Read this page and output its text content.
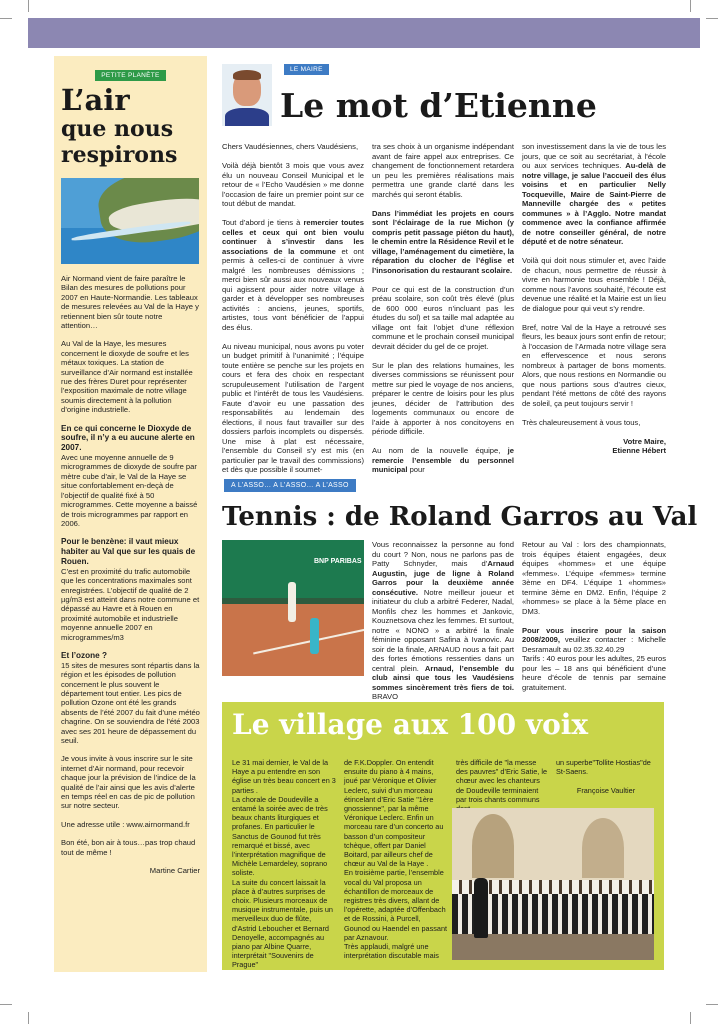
PETITE PLANÈTE
L’air
que nous
respirons

Air Normand vient de faire paraître le Bilan des mesures de pollutions pour 2007 en Haute-Normandie. Les tableaux de mesures relevées au Val de la Haye y retiennent bien sûr toute notre attention…

Au Val de la Haye, les mesures concernent le dioxyde de soufre et les métaux toxiques. La station de surveillance d’Air normand est installée rue des frères Duret pour représenter l’exposition maximale de notre village soumis directement à la pollution d’origine industrielle.

En ce qui concerne le Dioxyde de soufre, il n’y a eu aucune alerte en 2007.

Avec une moyenne annuelle de 9 microgrammes de dioxyde de soufre par mètre cube d’air, le Val de la Haye se situe confortablement en-deçà de l’objectif de qualité fixé à 50 microgrammes. Cette moyenne a baissé de trois microgrammes par rapport en 2006.

Pour le benzène: il vaut mieux habiter au Val que sur les quais de Rouen.

C’est en proximité du trafic automobile que les concentrations maximales sont enregistrées. L’objectif de qualité de 2 µg/m3 est atteint dans notre commune et dépassé au Havre et à Rouen en proximité automobile et industrielle moyenne annuelle 2007 en microgrammes/m3

Et l’ozone ?

15 sites de mesures sont répartis dans la région et les épisodes de pollution concernent le plus souvent le département tout entier. Les pics de pollution Ozone ont été les grands absents de l’été 2007 du fait d’une météo chagrine. On se souviendra de l’été 2003 avec ses 201 heure de dépassement du seuil.

Je vous invite à vous inscrire sur le site internet d’Air normand, pour recevoir chaque jour la prévision de l’indice de la qualité de l’air ainsi que les avis d’alerte en temps réel en cas de pic de pollution sur notre secteur.

Une adresse utile : www.airnormand.fr

Bon été, bon air à tous…pas trop chaud tout de même !

Martine Cartier
LE MAIRE
Le mot d’Etienne

Chers Vaudésiennes, chers Vaudésiens,

Voilà déjà bientôt 3 mois que vous avez élu un nouveau Conseil Municipal et le retour de « l’Echo Vaudésien » me donne l’occasion de faire un premier point sur ce tout début de mandat.

Tout d’abord je tiens à remercier toutes celles et ceux qui ont bien voulu continuer à s’investir dans les associations de la commune et ont permis à celles-ci de continuer à vivre malgré les nombreuses démissions ; merci bien sûr aussi aux nouveaux venus qui agissent pour aider notre village à garder et à développer ses nombreuses activités : anciens, jeunes, sportifs, artistes, tous vont bénéficier de l’appui des élus.

Au niveau municipal, nous avons pu voter un budget primitif à l’unanimité ; l’équipe toute entière se penche sur les projets en cours et fera des choix en respectant scrupuleusement l’utilisation de l’argent public et l’intérêt de tous les Vaudésiens. Faute d’avoir eu une passation des responsabilités au lendemain des élections, il nous faut travailler sur des dossiers parfois incomplets ou dispersés. Une mise à plat est nécessaire, l’ensemble du Conseil s’y est mis (en particulier par le travail des commissions) et dès que possible il soumet-

tra ses choix à un organisme indépendant avant de faire appel aux entreprises. Ce changement de fonctionnement retardera un peu les premières réalisations mais permettra une grande clarté dans les marchés qui seront établis.

Dans l’immédiat les projets en cours sont l’éclairage de la rue Michon (y compris petit passage piéton du haut), le chemin entre la Résidence Revil et le village, l’aménagement du cimetière, la réparation du clocher de l’église et l’insonorisation du restaurant scolaire.

Pour ce qui est de la construction d’un préau scolaire, son coût très élevé (plus de 600 000 euros n’incluant pas les études du sol) et sa taille mal adaptée au village ont fait l’objet d’une réflexion commune et le prochain conseil municipal devrait décider du gel de ce projet.

Sur le plan des relations humaines, les diverses commissions se réunissent pour mettre sur pied le voyage de nos anciens, préparer le centre de loisirs pour les plus jeunes, décider de l’attribution des logements communaux ou encore de l’aide à apporter à nos concitoyens en période difficile.

Au nom de la nouvelle équipe, je remercie l’ensemble du personnel municipal pour

son investissement dans la vie de tous les jours, que ce soit au secrétariat, à l’école ou aux services techniques. Au-delà de notre village, je salue l’accueil des élus voisins et en particulier Nelly Tocqueville, Maire de Saint-Pierre de Manneville chargée des « petites communes » à l’Agglo. Notre mandat commence avec la confiance affirmée de notre conseiller général, de notre député et de notre sénateur.

Voilà qui doit nous stimuler et, avec l’aide de chacun, nous permettre de réussir à vivre en harmonie tous ensemble ! Déjà, comme nous l’avons souhaité, l’écoute est devenue une réalité et la Mairie est un lieu de dialogue pour qui veut s’y rendre.

Bref, notre Val de la Haye a retrouvé ses fleurs, les beaux jours sont enfin de retour; à l’occasion de l’Armada notre village sera en effervescence et nous serons nombreux à partager de bons moments. Alors, que nous restions en Normandie ou que nous partions sous d’autres cieux, pendant l’été mettons de côté des rayons de soleil, ça peut toujours servir !

Très chaleureusement à vous tous,

Votre Maire,
Etienne Hébert
A L’ASSO… A L’ASSO… A L’ASSO
Tennis : de Roland Garros au Val
BNP PARIBAS

Vous reconnaissez la personne au fond du court ? Non, nous ne parlons pas de Patty Schnyder, mais d’Arnaud Augustin, juge de ligne à Roland Garros pour la deuxième année consécutive. Notre meilleur joueur et initiateur du club a arbitré Federer, Nadal, Monfils chez les hommes et Jankovic, Kouznetsova chez les femmes. Et surtout, notre « NONO » a arbitré la finale féminine opposant Safina à Ivanovic. Au soir de la finale, ARNAUD nous a fait part des fortes émotions ressenties dans un central plein. Arnaud, l’ensemble du club ainsi que tous les Vaudésiens sommes sincèrement très fiers de toi. BRAVO

Retour au Val : lors des championnats, trois équipes étaient engagées, deux équipes «hommes» et une équipe «femmes». L’équipe «femmes» termine 3ème en DF4. L’équipe 1 «hommes» termine 3ème en DM2. Enfin, l’équipe 2 «hommes» se place à la 5ème place en DM3.

Pour vous inscrire pour la saison 2008/2009, veuillez contacter : Michelle Desramault au 02.35.32.40.29

Tarifs : 40 euros pour les adultes, 25 euros pour les – 18 ans qui bénéficient d’une heure d’école de tennis par semaine gratuitement.

Le village aux 100 voix
Le 31 mai dernier, le Val de la Haye a pu entendre en son église un très beau concert en 3 parties .
La chorale de Doudeville a entamé la soirée avec de très beaux chants liturgiques et profanes. En particulier le Sanctus de Gounod fut très remarqué et bissé, avec l’interprétation magnifique de Michèle Lemardeley, soprano soliste.
La suite du concert laissait la place à d’autres surprises de choix. Plusieurs morceaux de musique instrumentale, puis un merveilleux duo de flûte, d’Astrid Leboucher et Bernard Denoyelle, accompagnés au piano par Albine Quarre, interprétait "Souvenirs de Prague"
de F.K.Doppler. On entendit ensuite du piano à 4 mains, joué par Véronique et Olivier Leclerc, suivi d’un morceau étincelant d’Eric Satie "1ère gnossienne", par la même Véronique Leclerc. Enfin un morceau rare d’un concerto au basson d’un compositeur tchèque, offert par Daniel Boitard, par ailleurs chef de chœur au Val de la Haye .
En troisième partie, l’ensemble vocal du Val proposa un échantillon de morceaux de registres très divers, allant de l’opérette, adaptée d’Offenbach et de Rossini, à Purcell, Gounod ou Haendel en passant par Aznavour.
Très applaudi, malgré une interprétation discutable mais
très difficile de "la messe des pauvres" d’Eric Satie, le chœur avec les chanteurs de Doudeville terminaient par trois chants communs
un superbe"Tollite Hostias"de St-Saens.
Françoise Vaultier
